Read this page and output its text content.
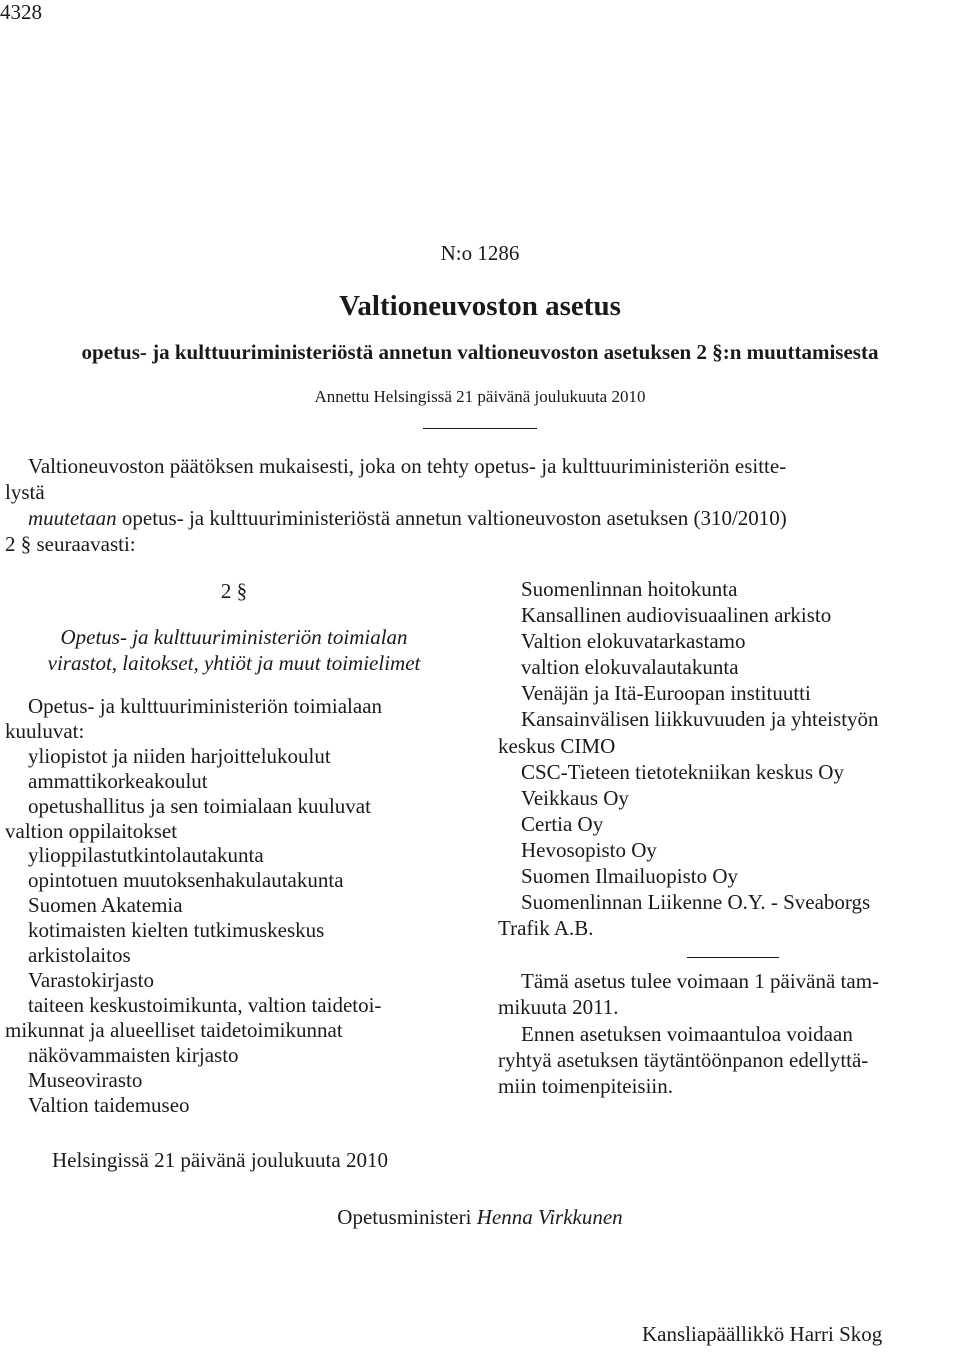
4328
N:o 1286
Valtioneuvoston asetus
opetus- ja kulttuuriministeriöstä annetun valtioneuvoston asetuksen 2 §:n muuttamisesta
Annettu Helsingissä 21 päivänä joulukuuta 2010
Valtioneuvoston päätöksen mukaisesti, joka on tehty opetus- ja kulttuuriministeriön esitte-
lystä
muutetaan opetus- ja kulttuuriministeriöstä annetun valtioneuvoston asetuksen (310/2010)
2 § seuraavasti:
2 §
Opetus- ja kulttuuriministeriön toimialan
virastot, laitokset, yhtiöt ja muut toimielimet

Opetus- ja kulttuuriministeriön toimialaan

kuuluvat:

yliopistot ja niiden harjoittelukoulut

ammattikorkeakoulut

opetushallitus ja sen toimialaan kuuluvat

valtion oppilaitokset

ylioppilastutkintolautakunta

opintotuen muutoksenhakulautakunta

Suomen Akatemia

kotimaisten kielten tutkimuskeskus

arkistolaitos

Varastokirjasto

taiteen keskustoimikunta, valtion taidetoi-

mikunnat ja alueelliset taidetoimikunnat

näkövammaisten kirjasto

Museovirasto

Valtion taidemuseo

Suomenlinnan hoitokunta

Kansallinen audiovisuaalinen arkisto

Valtion elokuvatarkastamo

valtion elokuvalautakunta

Venäjän ja Itä-Euroopan instituutti

Kansainvälisen liikkuvuuden ja yhteistyön

keskus CIMO

CSC-Tieteen tietotekniikan keskus Oy

Veikkaus Oy

Certia Oy

Hevosopisto Oy

Suomen Ilmailuopisto Oy

Suomenlinnan Liikenne O.Y. - Sveaborgs

Trafik A.B.

Tämä asetus tulee voimaan 1 päivänä tam-
mikuuta 2011.
Ennen asetuksen voimaantuloa voidaan
ryhtyä asetuksen täytäntöönpanon edellyttä-
miin toimenpiteisiin.
Helsingissä 21 päivänä joulukuuta 2010
Opetusministeri Henna Virkkunen
Kansliapäällikkö Harri Skog
